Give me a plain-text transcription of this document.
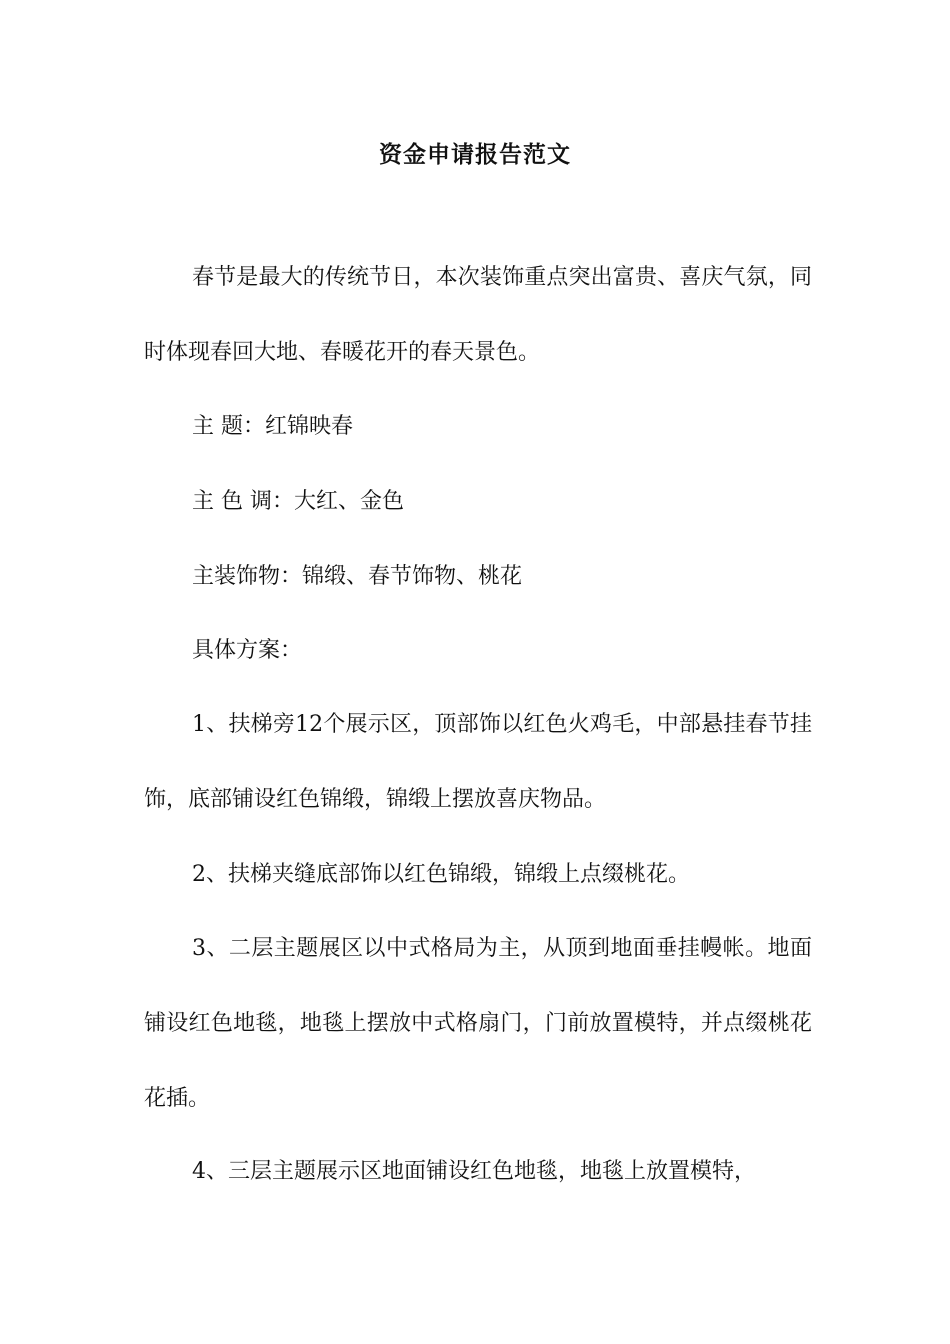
资金申请报告范文

春节是最大的传统节日，本次装饰重点突出富贵、喜庆气氛，同时体现春回大地、春暖花开的春天景色。

主 题：红锦映春

主 色 调：大红、金色

主装饰物：锦缎、春节饰物、桃花

具体方案：

1、扶梯旁12个展示区，顶部饰以红色火鸡毛，中部悬挂春节挂饰，底部铺设红色锦缎，锦缎上摆放喜庆物品。

2、扶梯夹缝底部饰以红色锦缎，锦缎上点缀桃花。

3、二层主题展区以中式格局为主，从顶到地面垂挂幔帐。地面铺设红色地毯，地毯上摆放中式格扇门，门前放置模特，并点缀桃花花插。

4、三层主题展示区地面铺设红色地毯，地毯上放置模特，
